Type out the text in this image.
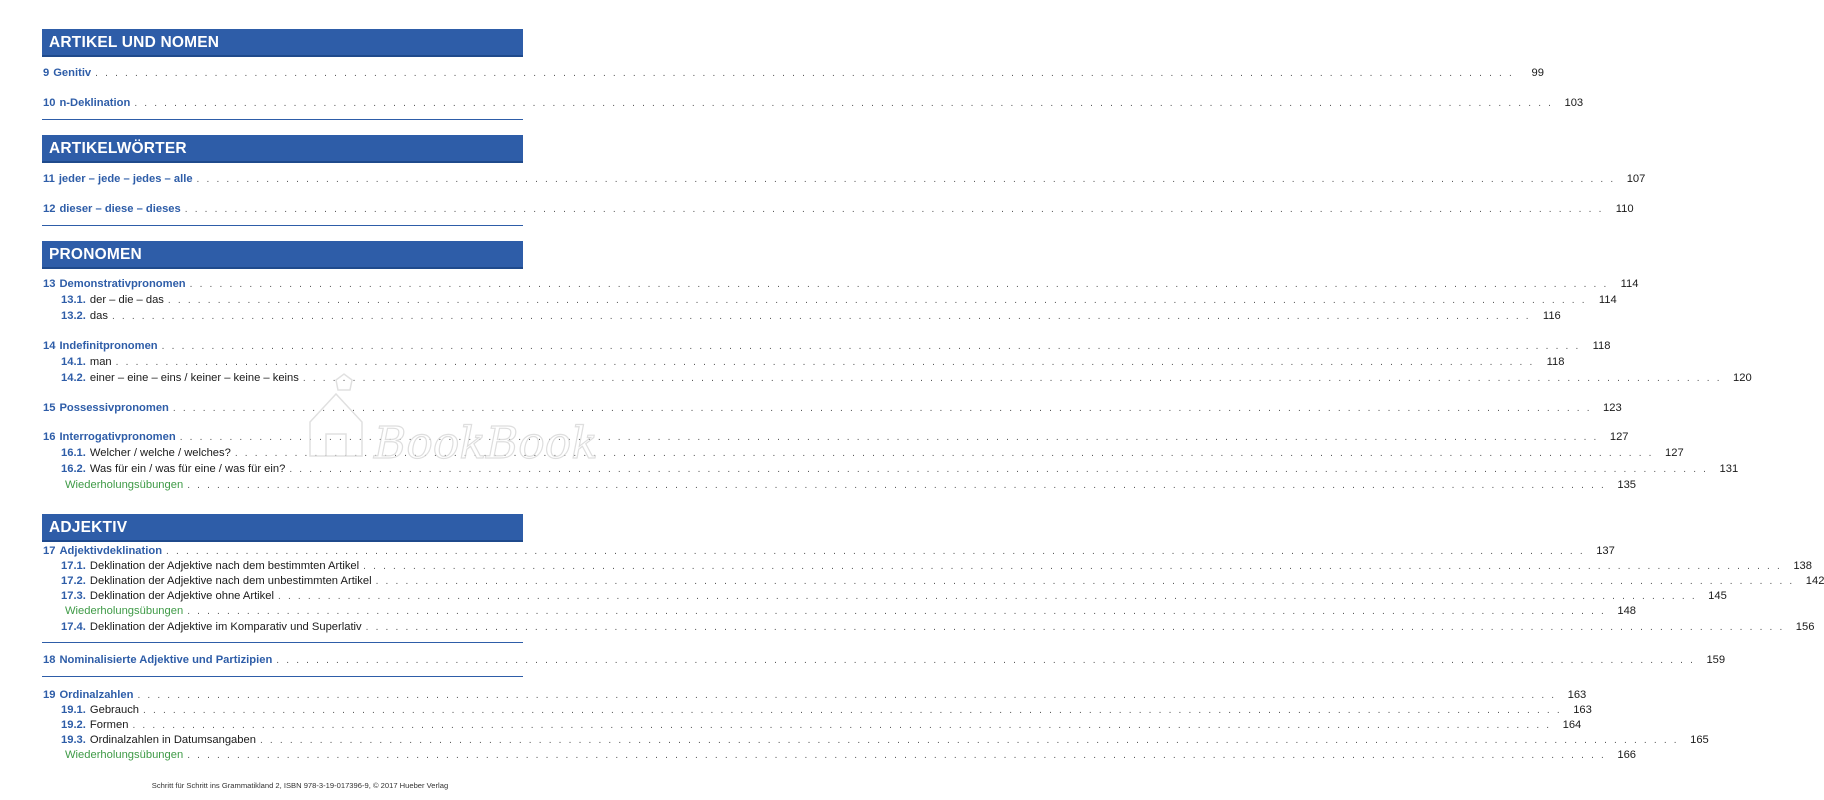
ARTIKEL UND NOMEN
9 Genitiv . . .	99
10 n-Deklination . . .	103
ARTIKELWÖRTER
11 jeder – jede – jedes – alle . . .	107
12 dieser – diese – dieses . . .	110
PRONOMEN
13 Demonstrativpronomen . . .	114
13.1. der – die – das . . .	114
13.2. das . . .	116
14 Indefinitpronomen . . .	118
14.1. man . . .	118
14.2. einer – eine – eins / keiner – keine – keins . . .	120
15 Possessivpronomen . . .	123
16 Interrogativpronomen . . .	127
16.1. Welcher / welche / welches? . . .	127
16.2. Was für ein / was für eine / was für ein? . . .	131
Wiederholungsübungen . . .	135
ADJEKTIV
17 Adjektivdeklination . . .	137
17.1. Deklination der Adjektive nach dem bestimmten Artikel . . .	138
17.2. Deklination der Adjektive nach dem unbestimmten Artikel . . .	142
17.3. Deklination der Adjektive ohne Artikel . . .	145
Wiederholungsübungen . . .	148
17.4. Deklination der Adjektive im Komparativ und Superlativ . . .	156
18 Nominalisierte Adjektive und Partizipien . . .	159
19 Ordinalzahlen . . .	163
19.1. Gebrauch . . .	163
19.2. Formen . . .	164
19.3. Ordinalzahlen in Datumsangaben . . .	165
Wiederholungsübungen . . .	166
BookBook
Schritt für Schritt ins Grammatikland 2, ISBN 978-3-19-017396-9, © 2017 Hueber Verlag
